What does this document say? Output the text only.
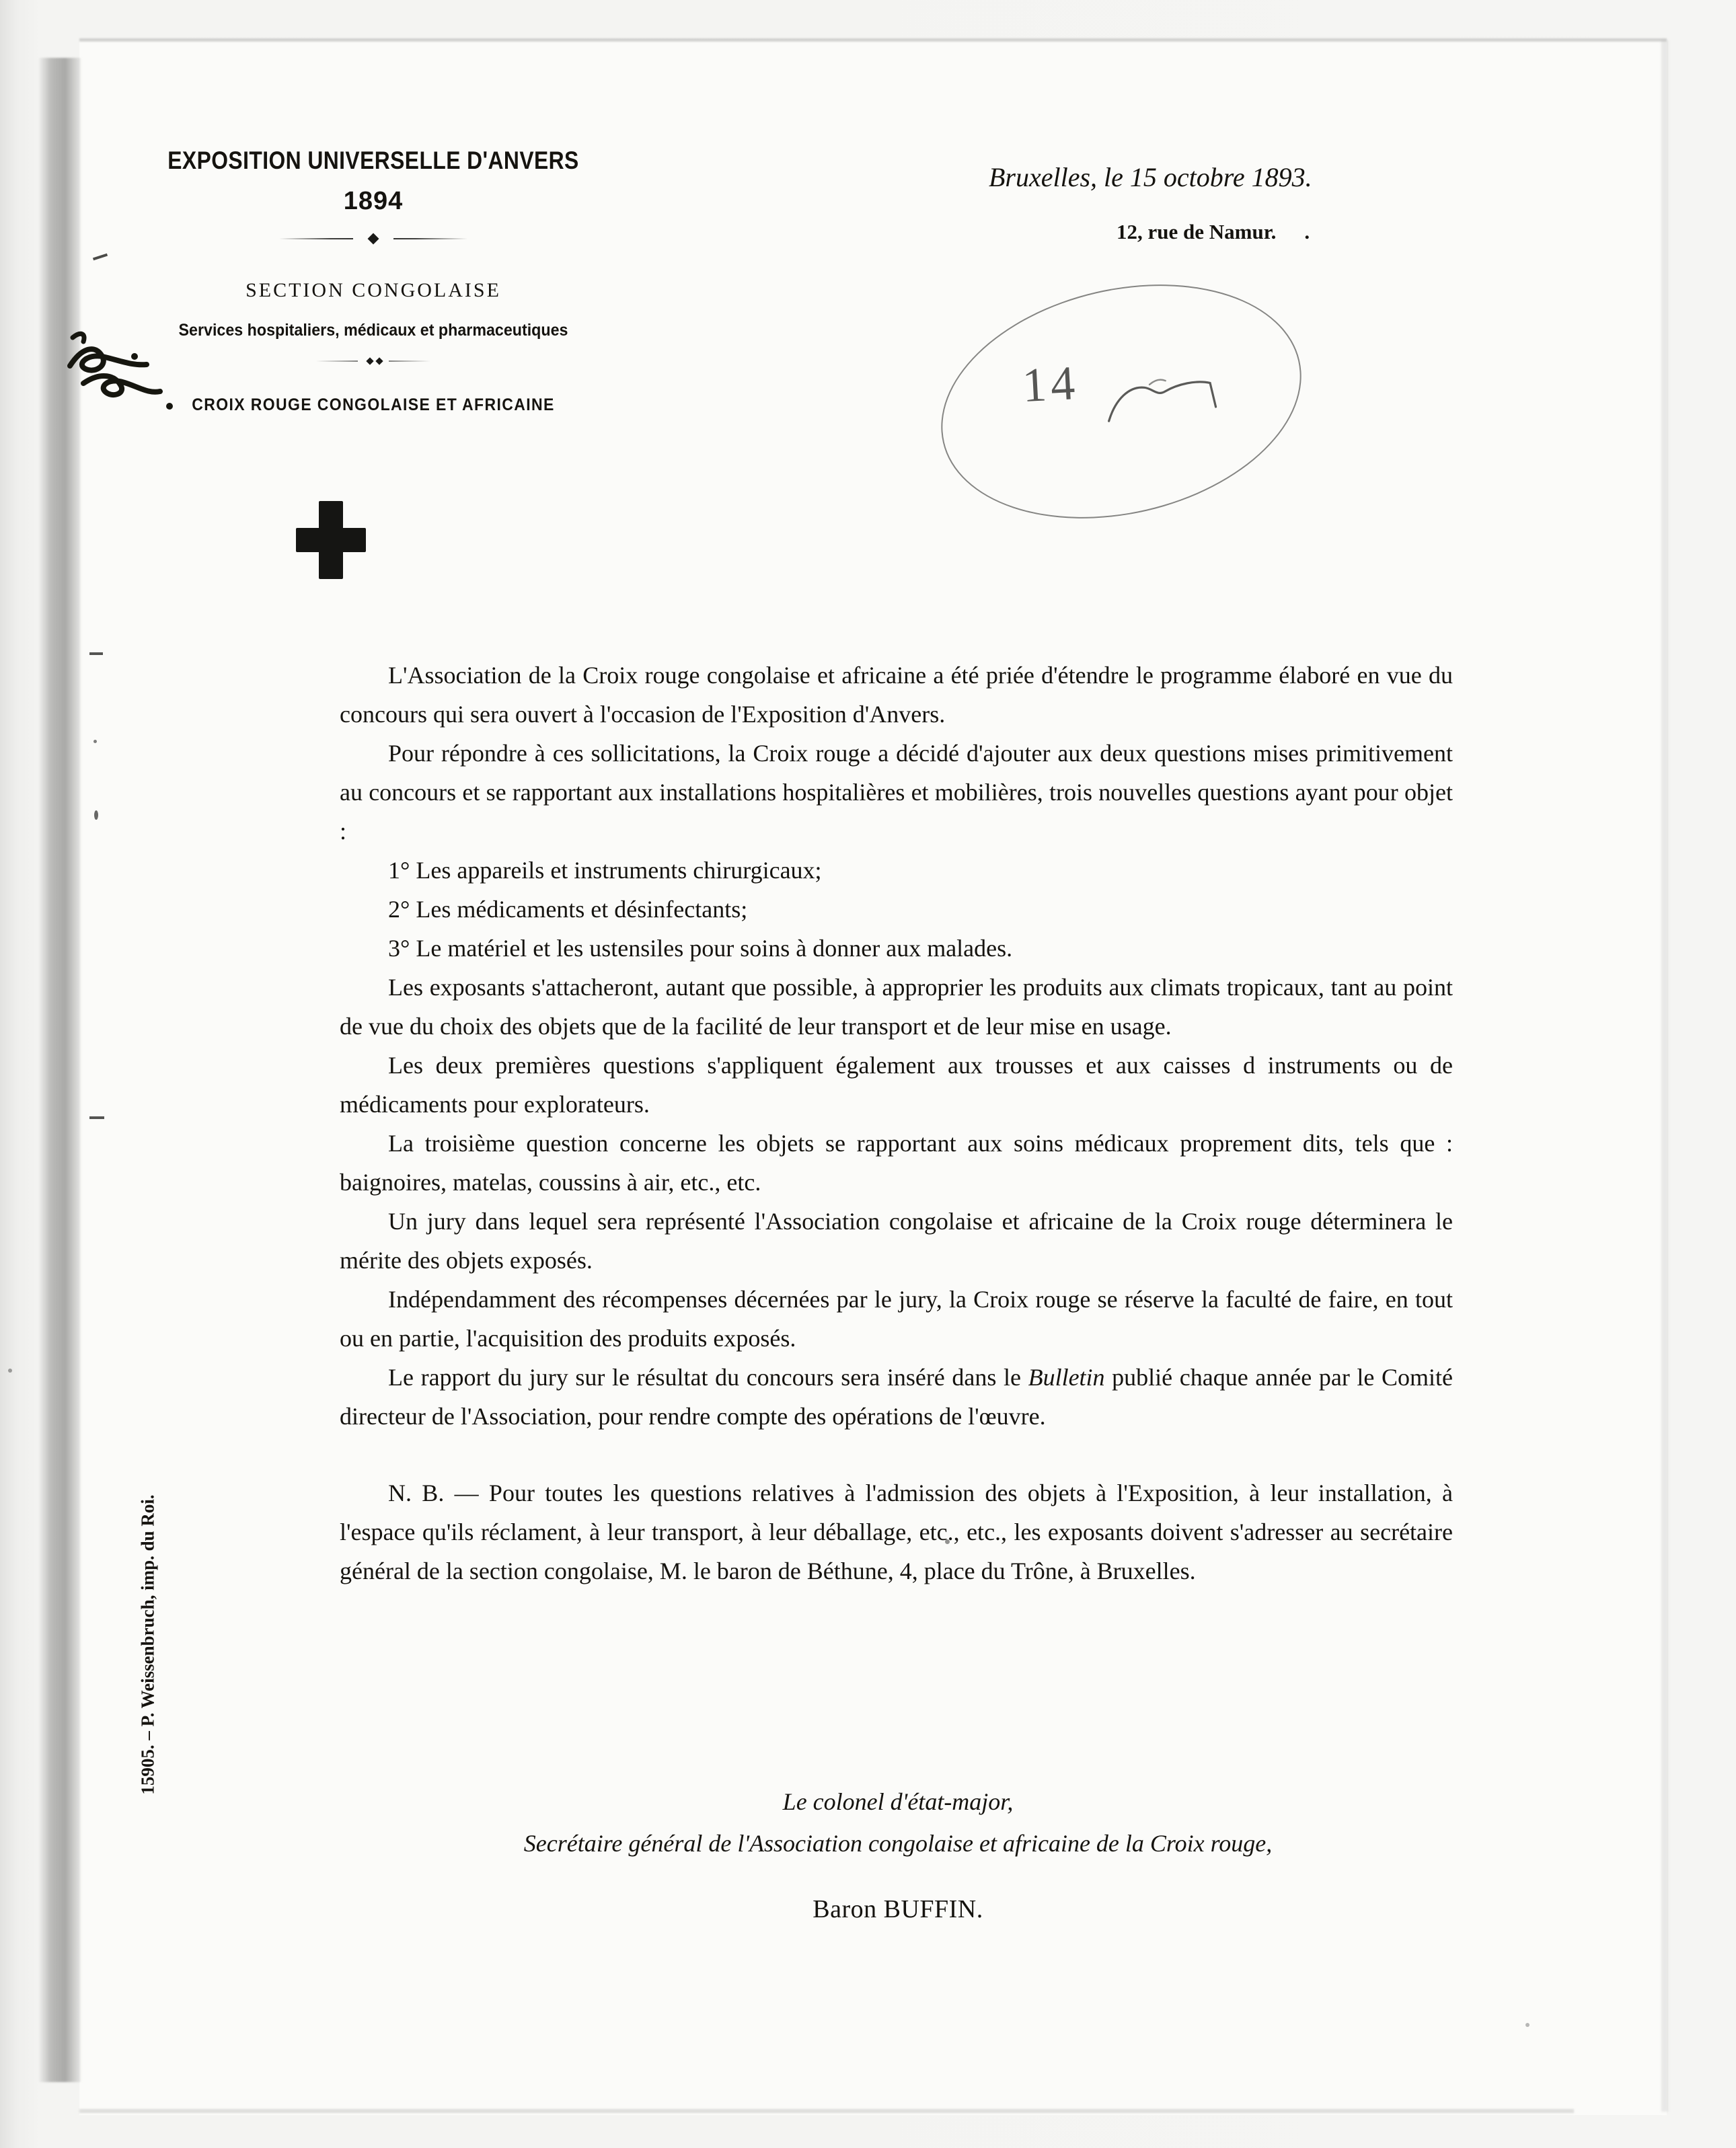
EXPOSITION UNIVERSELLE D'ANVERS
1894
SECTION CONGOLAISE
Services hospitaliers, médicaux et pharmaceutiques
CROIX ROUGE CONGOLAISE ET AFRICAINE
Bruxelles, le 15 octobre 1893.
12, rue de Namur. .
14

L'Association de la Croix rouge congolaise et africaine a été priée d'étendre le programme élaboré en vue du concours qui sera ouvert à l'occasion de l'Exposition d'Anvers.

Pour répondre à ces sollicitations, la Croix rouge a décidé d'ajouter aux deux questions mises primitivement au concours et se rapportant aux installations hospitalières et mobilières, trois nouvelles questions ayant pour objet :

1° Les appareils et instruments chirurgicaux;

2° Les médicaments et désinfectants;

3° Le matériel et les ustensiles pour soins à donner aux malades.

Les exposants s'attacheront, autant que possible, à approprier les produits aux climats tropicaux, tant au point de vue du choix des objets que de la facilité de leur transport et de leur mise en usage.

Les deux premières questions s'appliquent également aux trousses et aux caisses d instruments ou de médicaments pour explorateurs.

La troisième question concerne les objets se rapportant aux soins médicaux proprement dits, tels que : baignoires, matelas, coussins à air, etc., etc.

Un jury dans lequel sera représenté l'Association congolaise et africaine de la Croix rouge déterminera le mérite des objets exposés.

Indépendamment des récompenses décernées par le jury, la Croix rouge se réserve la faculté de faire, en tout ou en partie, l'acquisition des produits exposés.

Le rapport du jury sur le résultat du concours sera inséré dans le Bulletin publié chaque année par le Comité directeur de l'Association, pour rendre compte des opérations de l'œuvre.

N. B. — Pour toutes les questions relatives à l'admission des objets à l'Exposition, à leur installation, à l'espace qu'ils réclament, à leur transport, à leur déballage, etc., etc., les exposants doivent s'adresser au secrétaire général de la section congolaise, M. le baron de Béthune, 4, place du Trône, à Bruxelles.

Le colonel d'état-major,
Secrétaire général de l'Association congolaise et africaine de la Croix rouge,
Baron BUFFIN.
15905. – P. Weissenbruch, imp. du Roi.
